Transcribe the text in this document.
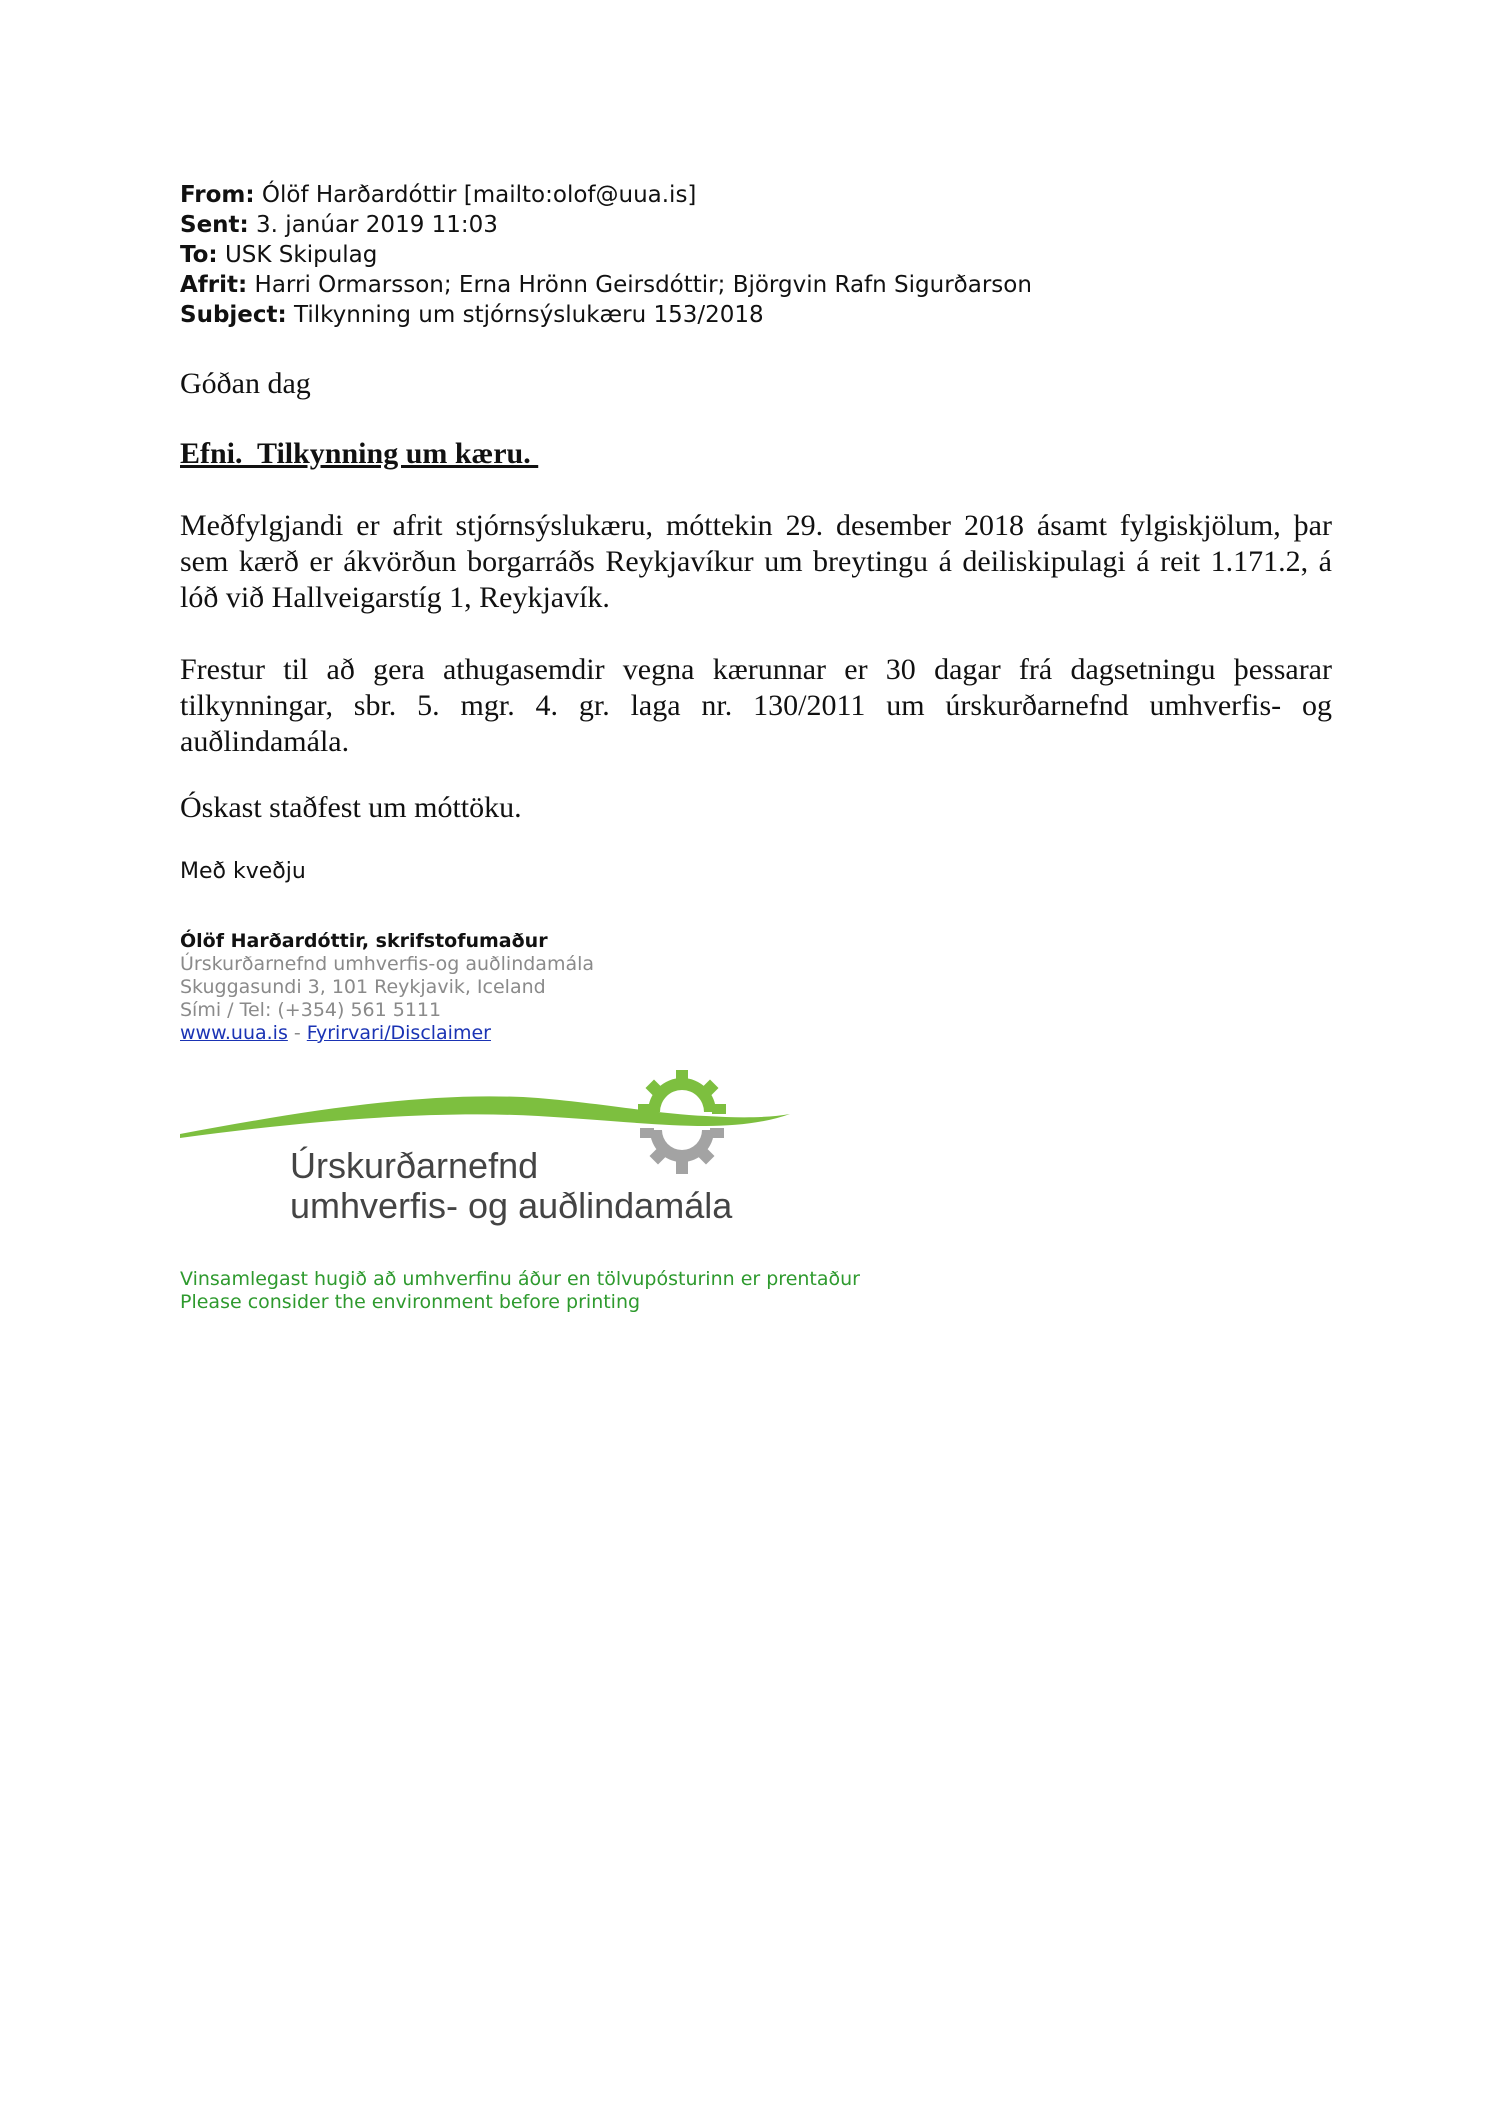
From: Ólöf Harðardóttir [mailto:olof@uua.is]
Sent: 3. janúar 2019 11:03
To: USK Skipulag
Afrit: Harri Ormarsson; Erna Hrönn Geirsdóttir; Björgvin Rafn Sigurðarson
Subject: Tilkynning um stjórnsýslukæru 153/2018
Góðan dag
Efni.  Tilkynning um kæru.

Meðfylgjandi er afrit stjórnsýslukæru, móttekin 29. desember 2018 ásamt fylgiskjölum, þar sem kærð er ákvörðun borgarráðs Reykjavíkur um breytingu á deiliskipulagi á reit 1.171.2, á lóð við Hallveigarstíg 1, Reykjavík.

Frestur til að gera athugasemdir vegna kærunnar er 30 dagar frá dagsetningu þessarar tilkynningar, sbr. 5. mgr. 4. gr. laga nr. 130/2011 um úrskurðarnefnd umhverfis- og auðlindamála.

Óskast staðfest um móttöku.
Með kveðju
Ólöf Harðardóttir, skrifstofumaður
Úrskurðarnefnd umhverfis-og auðlindamála
Skuggasundi 3, 101 Reykjavik, Iceland
Sími / Tel: (+354) 561 5111
www.uua.is - Fyrirvari/Disclaimer
Úrskurðarnefnd
umhverfis- og auðlindamála
Vinsamlegast hugið að umhverfinu áður en tölvupósturinn er prentaður
Please consider the environment before printing
